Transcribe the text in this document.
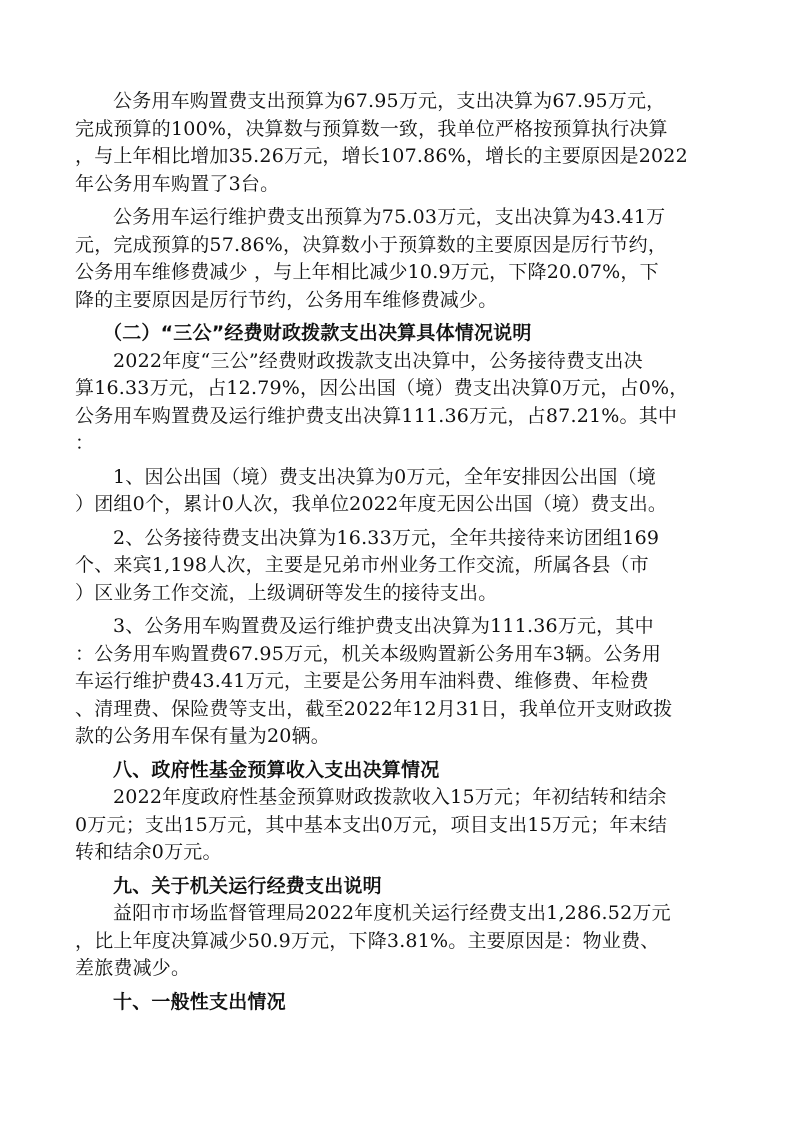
公务用车购置费支出预算为67.95万元，支出决算为67.95万元，
完成预算的100%，决算数与预算数一致，我单位严格按预算执行决算
，与上年相比增加35.26万元，增长107.86%，增长的主要原因是2022
年公务用车购置了3台。
公务用车运行维护费支出预算为75.03万元，支出决算为43.41万
元，完成预算的57.86%，决算数小于预算数的主要原因是厉行节约，
公务用车维修费减少 ，与上年相比减少10.9万元，下降20.07%，下
降的主要原因是厉行节约，公务用车维修费减少。
（二）“三公”经费财政拨款支出决算具体情况说明
2022年度“三公”经费财政拨款支出决算中，公务接待费支出决
算16.33万元，占12.79%，因公出国（境）费支出决算0万元，占0%，
公务用车购置费及运行维护费支出决算111.36万元，占87.21%。其中
：
1、因公出国（境）费支出决算为0万元，全年安排因公出国（境
）团组0个，累计0人次，我单位2022年度无因公出国（境）费支出。
2、公务接待费支出决算为16.33万元，全年共接待来访团组169
个、来宾1,198人次，主要是兄弟市州业务工作交流，所属各县（市
）区业务工作交流，上级调研等发生的接待支出。
3、公务用车购置费及运行维护费支出决算为111.36万元，其中
：公务用车购置费67.95万元，机关本级购置新公务用车3辆。公务用
车运行维护费43.41万元，主要是公务用车油料费、维修费、年检费
、清理费、保险费等支出，截至2022年12月31日，我单位开支财政拨
款的公务用车保有量为20辆。
八、政府性基金预算收入支出决算情况
2022年度政府性基金预算财政拨款收入15万元；年初结转和结余
0万元；支出15万元，其中基本支出0万元，项目支出15万元；年末结
转和结余0万元。
九、关于机关运行经费支出说明
益阳市市场监督管理局2022年度机关运行经费支出1,286.52万元
，比上年度决算减少50.9万元，下降3.81%。主要原因是：物业费、
差旅费减少。
十、一般性支出情况
